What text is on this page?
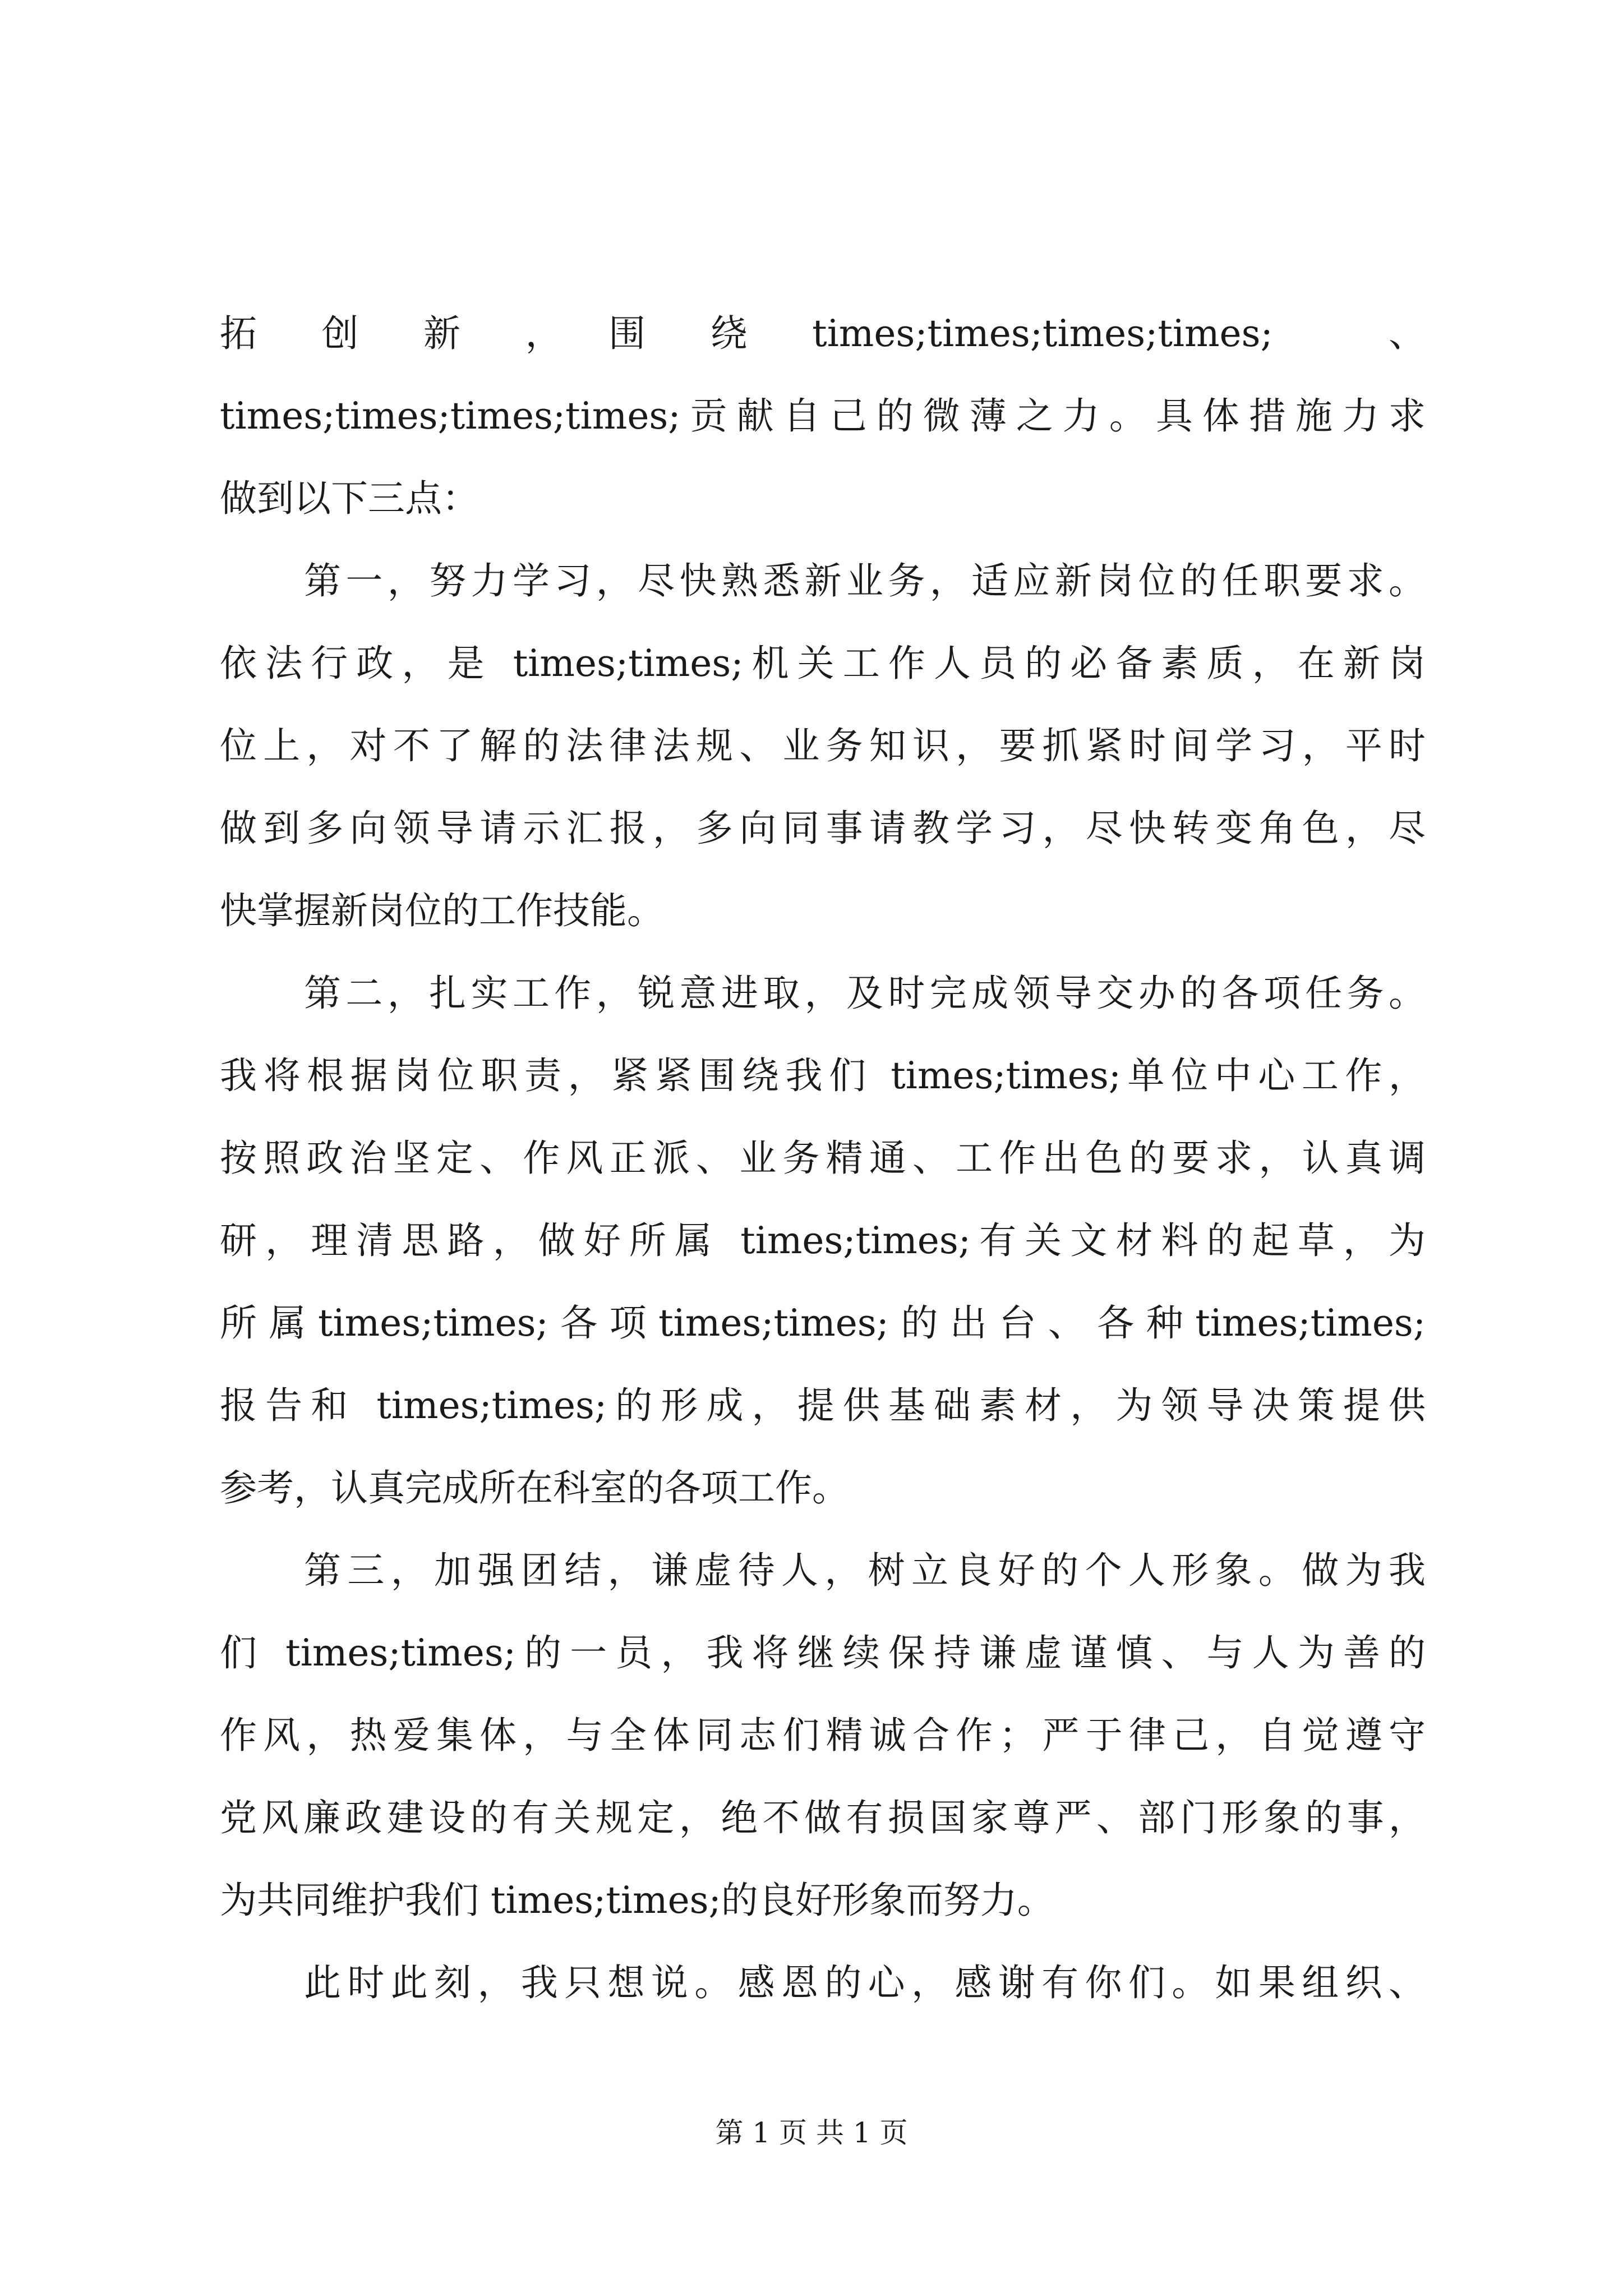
拓　创　新　，　围　绕　times;times;times;times;　　、
times;times;times;times;贡献自己的微薄之力。具体措施力求
做到以下三点：
第一，努力学习，尽快熟悉新业务，适应新岗位的任职要求。
依法行政，是 times;times;机关工作人员的必备素质，在新岗
位上，对不了解的法律法规、业务知识，要抓紧时间学习，平时
做到多向领导请示汇报，多向同事请教学习，尽快转变角色，尽
快掌握新岗位的工作技能。
第二，扎实工作，锐意进取，及时完成领导交办的各项任务。
我将根据岗位职责，紧紧围绕我们 times;times;单位中心工作，
按照政治坚定、作风正派、业务精通、工作出色的要求，认真调
研，理清思路，做好所属 times;times;有关文材料的起草，为
所属times;times;各项times;times;的出台、各种times;times;
报告和 times;times;的形成，提供基础素材，为领导决策提供
参考，认真完成所在科室的各项工作。
第三，加强团结，谦虚待人，树立良好的个人形象。做为我
们 times;times;的一员，我将继续保持谦虚谨慎、与人为善的
作风，热爱集体，与全体同志们精诚合作；严于律己，自觉遵守
党风廉政建设的有关规定，绝不做有损国家尊严、部门形象的事，
为共同维护我们 times;times;的良好形象而努力。
此时此刻，我只想说。感恩的心，感谢有你们。如果组织、
第 1 页 共 1 页
